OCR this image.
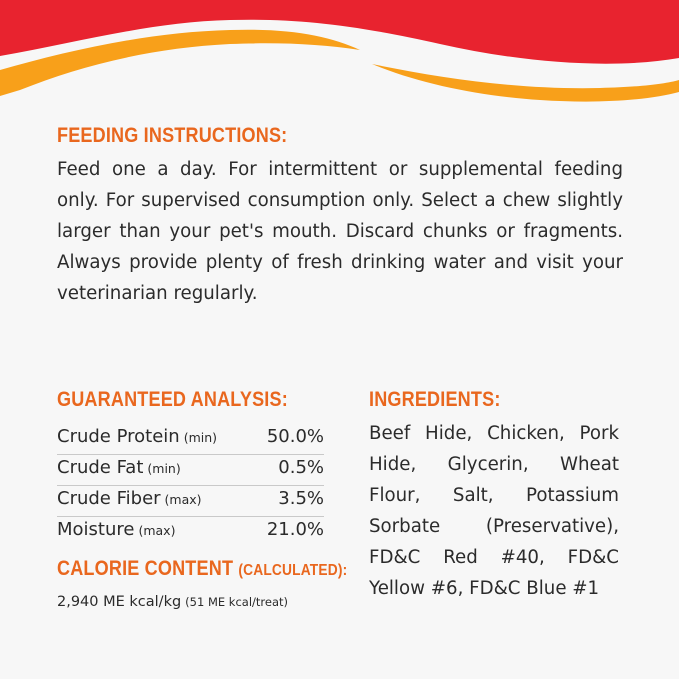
FEEDING INSTRUCTIONS:
Feed one a day. For intermittent or supplemental feeding only. For supervised consumption only. Select a chew slightly larger than your pet's mouth. Discard chunks or fragments. Always provide plenty of fresh drinking water and visit your veterinarian regularly.
GUARANTEED ANALYSIS:
Crude Protein (min)	50.0%
Crude Fat (min)	0.5%
Crude Fiber (max)	3.5%
Moisture (max)	21.0%
CALORIE CONTENT (CALCULATED):
2,940 ME kcal/kg (51 ME kcal/treat)
INGREDIENTS:
Beef Hide, Chicken, Pork Hide, Glycerin, Wheat Flour, Salt, Potassium Sorbate (Preservative), FD&C Red #40, FD&C Yellow #6, FD&C Blue #1
